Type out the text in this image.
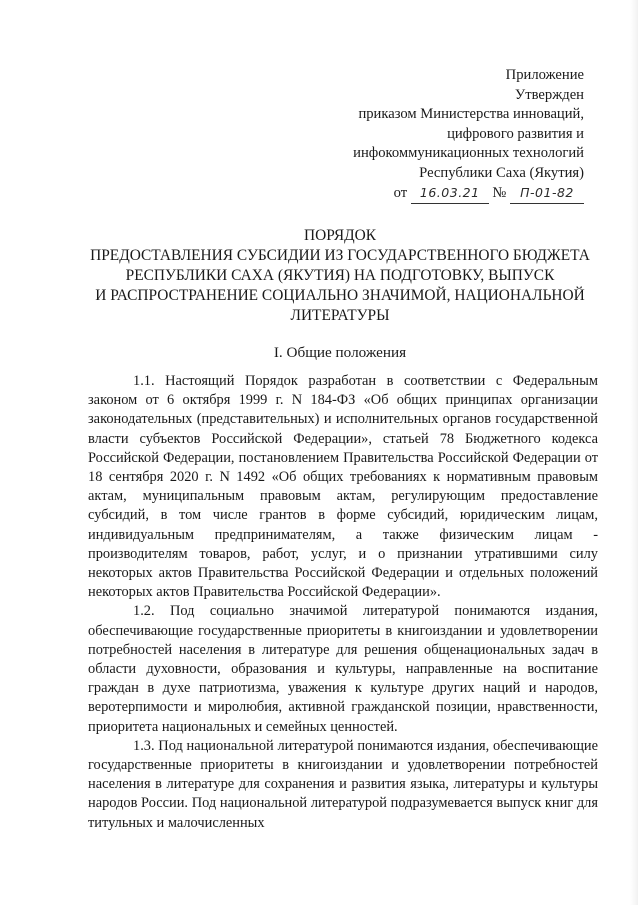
Приложение
Утвержден
приказом Министерства инноваций,
цифрового развития и
инфокоммуникационных технологий
Республики Саха (Якутия)
от 16.03.21 № П-01-82
ПОРЯДОК
ПРЕДОСТАВЛЕНИЯ СУБСИДИИ ИЗ ГОСУДАРСТВЕННОГО БЮДЖЕТА
РЕСПУБЛИКИ САХА (ЯКУТИЯ) НА ПОДГОТОВКУ, ВЫПУСК
И РАСПРОСТРАНЕНИЕ СОЦИАЛЬНО ЗНАЧИМОЙ, НАЦИОНАЛЬНОЙ
ЛИТЕРАТУРЫ
I. Общие положения

1.1. Настоящий Порядок разработан в соответствии с Федеральным законом от 6 октября 1999 г. N 184-ФЗ «Об общих принципах организации законодательных (представительных) и исполнительных органов государственной власти субъектов Российской Федерации», статьей 78 Бюджетного кодекса Российской Федерации, постановлением Правительства Российской Федерации от 18 сентября 2020 г. N 1492 «Об общих требованиях к нормативным правовым актам, муниципальным правовым актам, регулирующим предоставление субсидий, в том числе грантов в форме субсидий, юридическим лицам, индивидуальным предпринимателям, а также физическим лицам - производителям товаров, работ, услуг, и о признании утратившими силу некоторых актов Правительства Российской Федерации и отдельных положений некоторых актов Правительства Российской Федерации».

1.2. Под социально значимой литературой понимаются издания, обеспечивающие государственные приоритеты в книгоиздании и удовлетворении потребностей населения в литературе для решения общенациональных задач в области духовности, образования и культуры, направленные на воспитание граждан в духе патриотизма, уважения к культуре других наций и народов, веротерпимости и миролюбия, активной гражданской позиции, нравственности, приоритета национальных и семейных ценностей.

1.3. Под национальной литературой понимаются издания, обеспечивающие государственные приоритеты в книгоиздании и удовлетворении потребностей населения в литературе для сохранения и развития языка, литературы и культуры народов России. Под национальной литературой подразумевается выпуск книг для титульных и малочисленных
